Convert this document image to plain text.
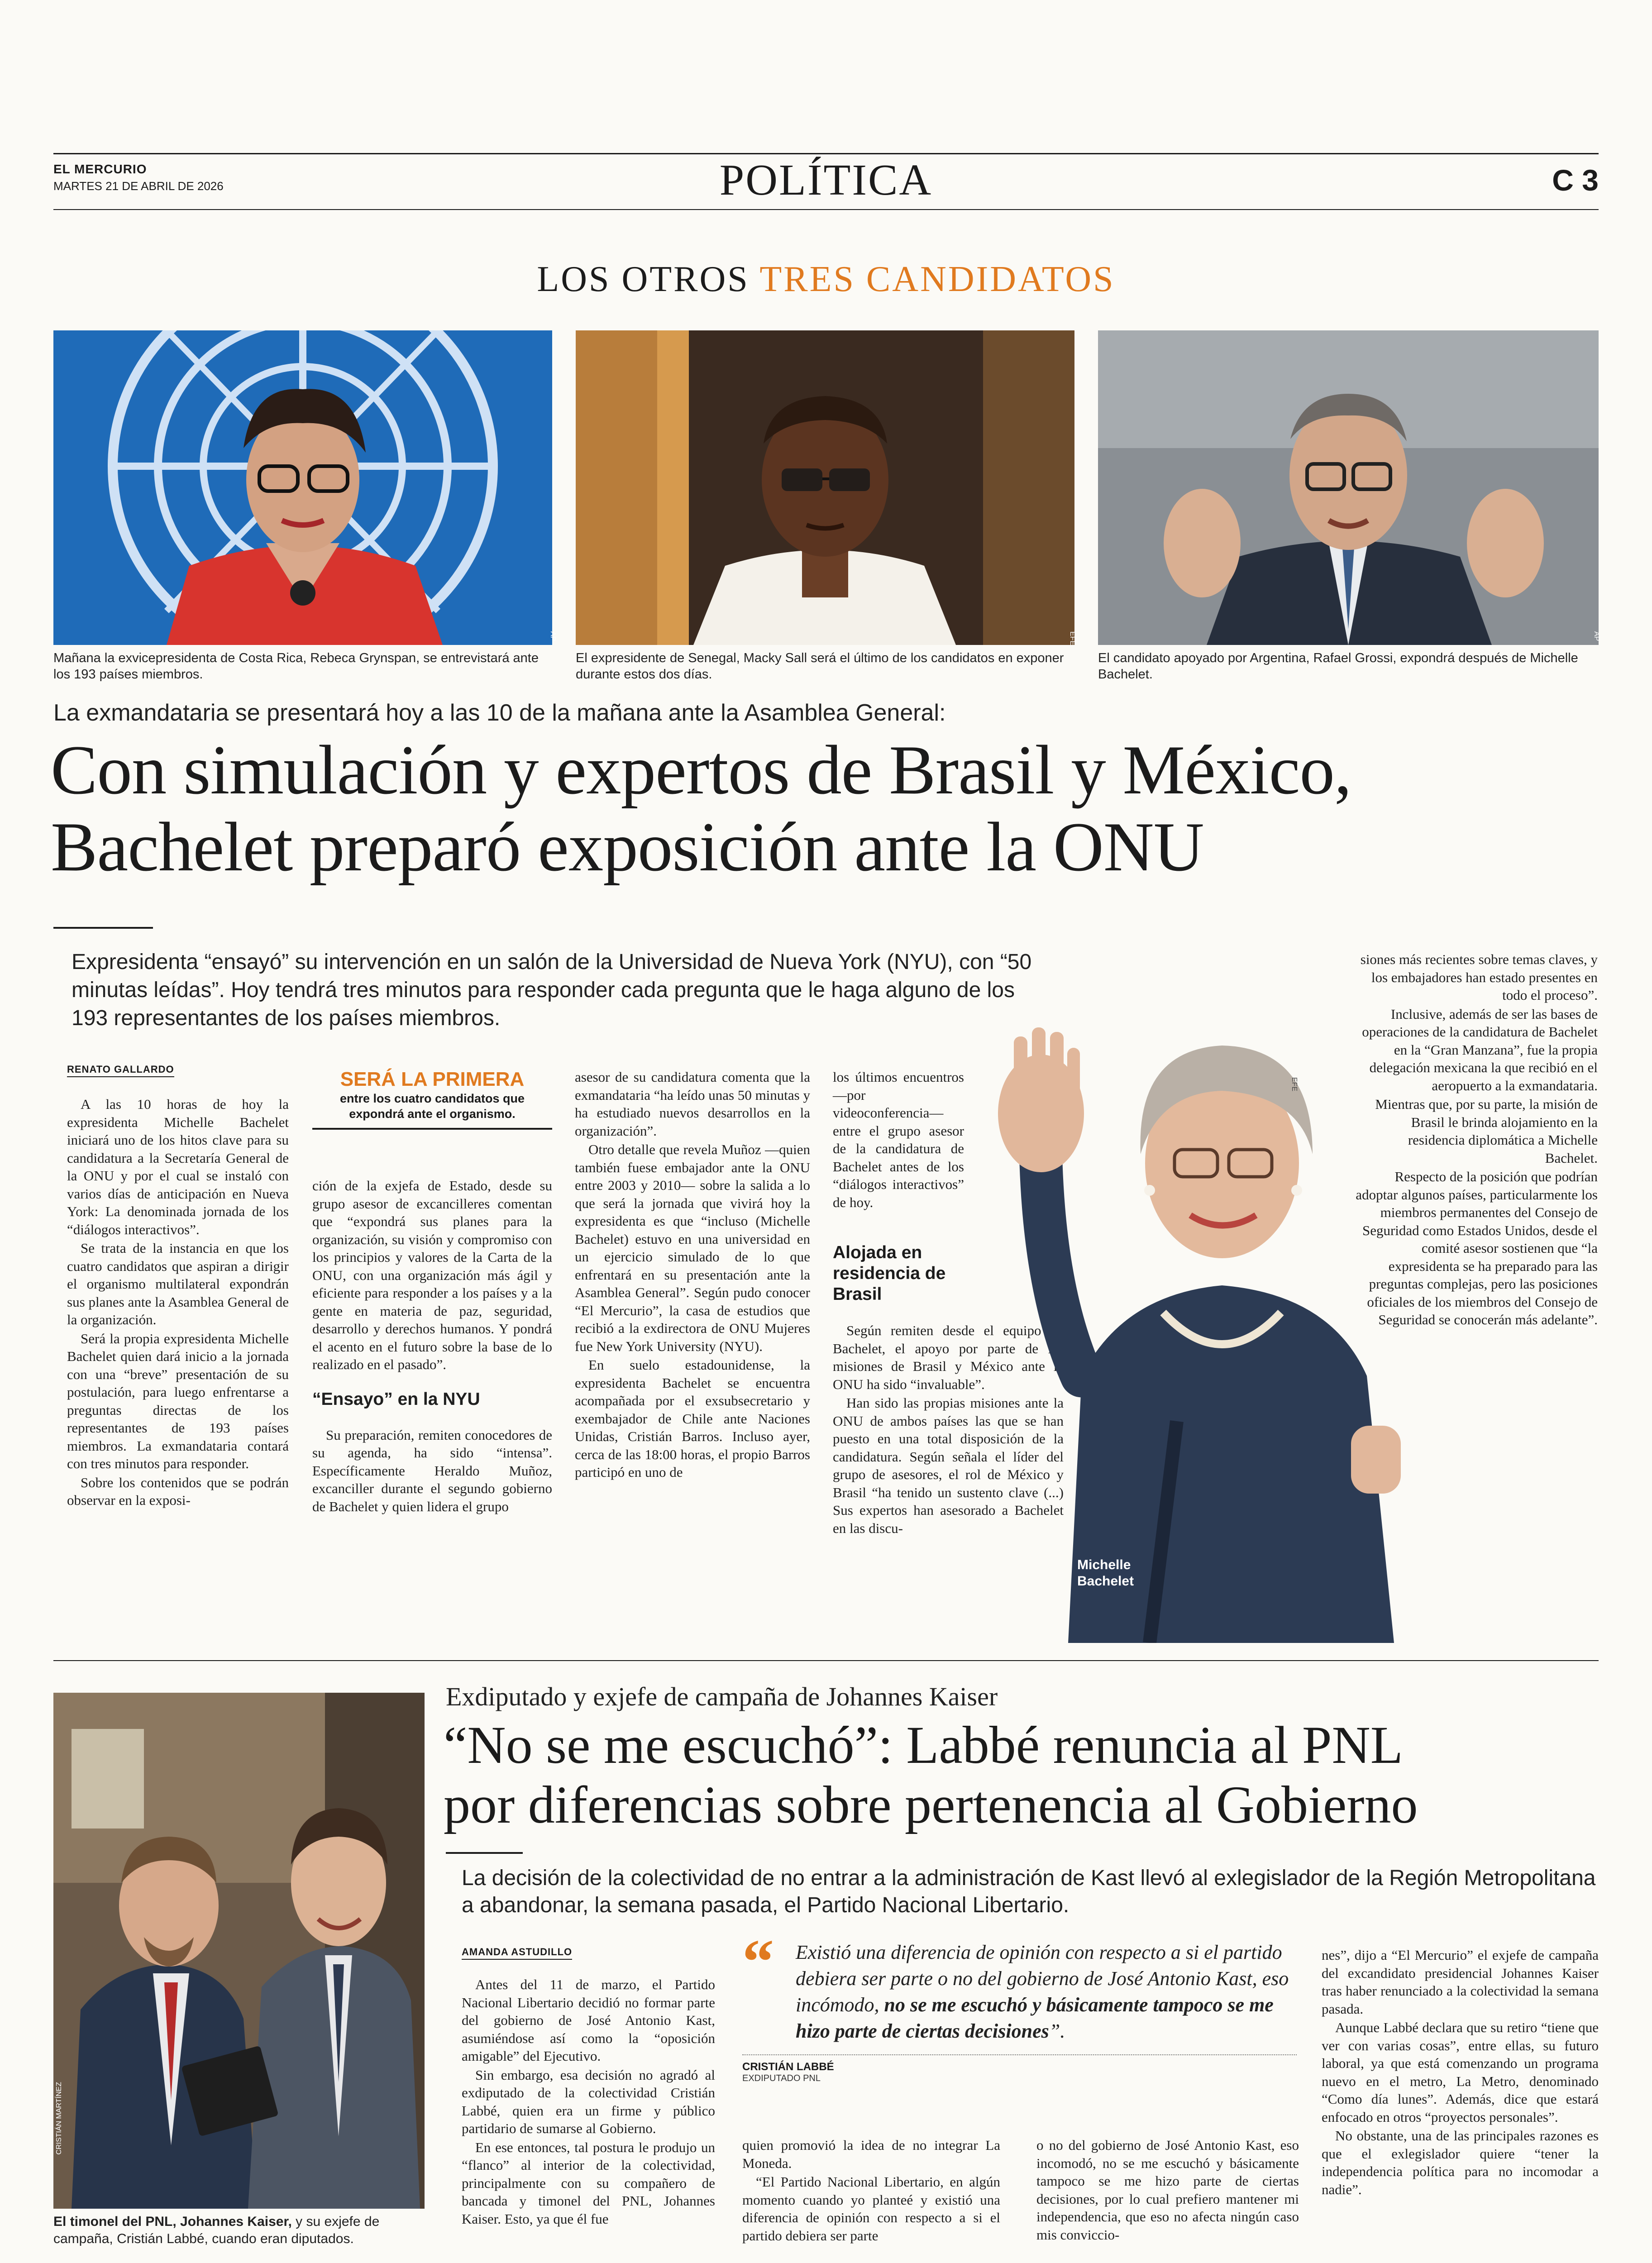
EL MERCURIO
MARTES 21 DE ABRIL DE 2026	POLÍTICA	C 3
LOS OTROS TRES CANDIDATOS
AP	EFE	AP
Mañana la exvicepresidenta de Costa Rica, Rebeca Grynspan, se entrevistará ante los 193 países miembros.
El expresidente de Senegal, Macky Sall será el último de los candidatos en exponer durante estos dos días.
El candidato apoyado por Argentina, Rafael Grossi, expondrá después de Michelle Bachelet.
La exmandataria se presentará hoy a las 10 de la mañana ante la Asamblea General:
Con simulación y expertos de Brasil y México,
Bachelet preparó exposición ante la ONU
Expresidenta “ensayó” su intervención en un salón de la Universidad de Nueva York (NYU), con “50 minutas leídas”. Hoy tendrá tres minutos para responder cada pregunta que le haga alguno de los 193 representantes de los países miembros.
RENATO GALLARDO

A las 10 horas de hoy la expresidenta Michelle Bachelet iniciará uno de los hitos clave para su candidatura a la Secretaría General de la ONU y por el cual se instaló con varios días de anticipación en Nueva York: La denominada jornada de los “diálogos interactivos”.

Se trata de la instancia en que los cuatro candidatos que aspiran a dirigir el organismo multilateral expondrán sus planes ante la Asamblea General de la organización.

Será la propia expresidenta Michelle Bachelet quien dará inicio a la jornada con una “breve” presentación de su postulación, para luego enfrentarse a preguntas directas de los representantes de 193 países miembros. La exmandataria contará con tres minutos para responder.

Sobre los contenidos que se podrán observar en la exposi-

SERÁ LA PRIMERA
entre los cuatro candidatos que expondrá ante el organismo.

ción de la exjefa de Estado, desde su grupo asesor de excancilleres comentan que “expondrá sus planes para la organización, su visión y compromiso con los principios y valores de la Carta de la ONU, con una organización más ágil y eficiente para responder a los países y a la gente en materia de paz, seguridad, desarrollo y derechos humanos. Y pondrá el acento en el futuro sobre la base de lo realizado en el pasado”.

“Ensayo” en la NYU

Su preparación, remiten conocedores de su agenda, ha sido “intensa”. Específicamente Heraldo Muñoz, excanciller durante el segundo gobierno de Bachelet y quien lidera el grupo

asesor de su candidatura comenta que la exmandataria “ha leído unas 50 minutas y ha estudiado nuevos desarrollos en la organización”.

Otro detalle que revela Muñoz —quien también fuese embajador ante la ONU entre 2003 y 2010— sobre la salida a lo que será la jornada que vivirá hoy la expresidenta es que “incluso (Michelle Bachelet) estuvo en una universidad en un ejercicio simulado de lo que enfrentará en su presentación ante la Asamblea General”. Según pudo conocer “El Mercurio”, la casa de estudios que recibió a la exdirectora de ONU Mujeres fue New York University (NYU).

En suelo estadounidense, la expresidenta Bachelet se encuentra acompañada por el exsubsecretario y exembajador de Chile ante Naciones Unidas, Cristián Barros. Incluso ayer, cerca de las 18:00 horas, el propio Barros participó en uno de

los últimos encuentros —por videoconferencia— entre el grupo asesor de la candidatura de Bachelet antes de los “diálogos interactivos” de hoy.

Alojada en residencia de Brasil

Según remiten desde el equipo de Bachelet, el apoyo por parte de las misiones de Brasil y México ante la ONU ha sido “invaluable”.

Han sido las propias misiones ante la ONU de ambos países las que se han puesto en una total disposición de la candidatura. Según señala el líder del grupo de asesores, el rol de México y Brasil “ha tenido un sustento clave (...) Sus expertos han asesorado a Bachelet en las discu-

Michelle Bachelet
EFE

siones más recientes sobre temas claves, y los embajadores han estado presentes en todo el proceso”.

Inclusive, además de ser las bases de operaciones de la candidatura de Bachelet en la “Gran Manzana”, fue la propia delegación mexicana la que recibió en el aeropuerto a la exmandataria.

Mientras que, por su parte, la misión de Brasil le brinda alojamiento en la residencia diplomática a Michelle Bachelet.

Respecto de la posición que podrían adoptar algunos países, particularmente los miembros permanentes del Consejo de Seguridad como Estados Unidos, desde el comité asesor sostienen que “la expresidenta se ha preparado para las preguntas complejas, pero las posiciones oficiales de los miembros del Consejo de Seguridad se conocerán más adelante”.

CRISTIÁN MARTÍNEZ
El timonel del PNL, Johannes Kaiser, y su exjefe de campaña, Cristián Labbé, cuando eran diputados.
Exdiputado y exjefe de campaña de Johannes Kaiser
“No se me escuchó”: Labbé renuncia al PNL
por diferencias sobre pertenencia al Gobierno
La decisión de la colectividad de no entrar a la administración de Kast llevó al exlegislador de la Región Metropolitana a abandonar, la semana pasada, el Partido Nacional Libertario.
AMANDA ASTUDILLO

Antes del 11 de marzo, el Partido Nacional Libertario decidió no formar parte del gobierno de José Antonio Kast, asumiéndose así como la “oposición amigable” del Ejecutivo.

Sin embargo, esa decisión no agradó al exdiputado de la colectividad Cristián Labbé, quien era un firme y público partidario de sumarse al Gobierno.

En ese entonces, tal postura le produjo un “flanco” al interior de la colectividad, principalmente con su compañero de bancada y timonel del PNL, Johannes Kaiser. Esto, ya que él fue

“ Existió una diferencia de opinión con respecto a si el partido debiera ser parte o no del gobierno de José Antonio Kast, eso incómodo, no se me escuchó y básicamente tampoco se me hizo parte de ciertas decisiones”.
CRISTIÁN LABBÉ
EXDIPUTADO PNL

quien promovió la idea de no integrar La Moneda.

“El Partido Nacional Libertario, en algún momento cuando yo planteé y existió una diferencia de opinión con respecto a si el partido debiera ser parte

o no del gobierno de José Antonio Kast, eso incomodó, no se me escuchó y básicamente tampoco se me hizo parte de ciertas decisiones, por lo cual prefiero mantener mi independencia, que eso no afecta ningún caso mis conviccio-

nes”, dijo a “El Mercurio” el exjefe de campaña del excandidato presidencial Johannes Kaiser tras haber renunciado a la colectividad la semana pasada.

Aunque Labbé declara que su retiro “tiene que ver con varias cosas”, entre ellas, su futuro laboral, ya que está comenzando un programa nuevo en el metro, La Metro, denominado “Como día lunes”. Además, dice que estará enfocado en otros “proyectos personales”.

No obstante, una de las principales razones es que el exlegislador quiere “tener la independencia política para no incomodar a nadie”.
